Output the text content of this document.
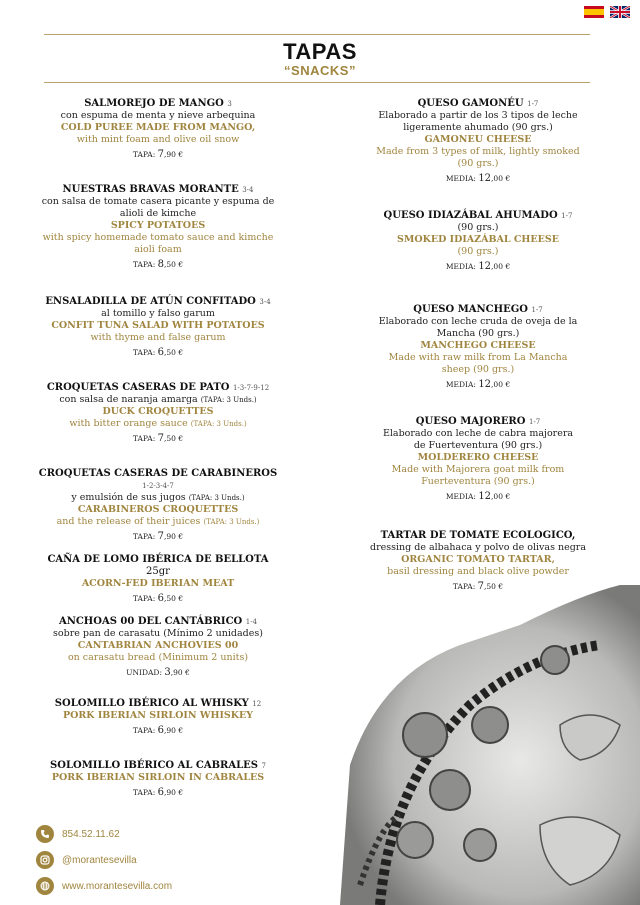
TAPAS
“SNACKS”
SALMOREJO DE MANGO 3
con espuma de menta y nieve arbequina
COLD PUREE MADE FROM MANGO,
with mint foam and olive oil snow
TAPA: 7,90 €
NUESTRAS BRAVAS MORANTE 3-4
con salsa de tomate casera picante y espuma de alioli de kimche
SPICY POTATOES
with spicy homemade tomato sauce and kimche aioli foam
TAPA: 8,50 €
ENSALADILLA DE ATÚN CONFITADO 3-4
al tomillo y falso garum
CONFIT TUNA SALAD WITH POTATOES
with thyme and false garum
TAPA: 6,50 €
CROQUETAS CASERAS DE PATO 1-3-7-9-12
con salsa de naranja amarga (TAPA: 3 Unds.)
DUCK CROQUETTES
with bitter orange sauce (TAPA: 3 Unds.)
TAPA: 7,50 €
CROQUETAS CASERAS DE CARABINEROS 1-2-3-4-7
y emulsión de sus jugos (TAPA: 3 Unds.)
CARABINEROS CROQUETTES
and the release of their juices (TAPA: 3 Unds.)
TAPA: 7,90 €
CAÑA DE LOMO IBÉRICA DE BELLOTA 25gr
ACORN-FED IBERIAN MEAT
TAPA: 6,50 €
ANCHOAS 00 DEL CANTÁBRICO 1-4
sobre pan de carasatu (Mínimo 2 unidades)
CANTABRIAN ANCHOVIES 00
on carasatu bread (Minimum 2 units)
UNIDAD: 3,90 €
SOLOMILLO IBÉRICO AL WHISKY 12
PORK IBERIAN SIRLOIN WHISKEY
TAPA: 6,90 €
SOLOMILLO IBÉRICO AL CABRALES 7
PORK IBERIAN SIRLOIN IN CABRALES
TAPA: 6,90 €
QUESO GAMONÉU 1-7
Elaborado a partir de los 3 tipos de leche ligeramente ahumado (90 grs.)
GAMONEU CHEESE
Made from 3 types of milk, lightly smoked (90 grs.)
MEDIA: 12,00 €
QUESO IDIAZÁBAL AHUMADO 1-7
(90 grs.)
SMOKED IDIAZÁBAL CHEESE
(90 grs.)
MEDIA: 12,00 €
QUESO MANCHEGO 1-7
Elaborado con leche cruda de oveja de la Mancha (90 grs.)
MANCHEGO CHEESE
Made with raw milk from La Mancha sheep (90 grs.)
MEDIA: 12,00 €
QUESO MAJORERO 1-7
Elaborado con leche de cabra majorera de Fuerteventura (90 grs.)
MOLDERERO CHEESE
Made with Majorera goat milk from Fuerteventura (90 grs.)
MEDIA: 12,00 €
TARTAR DE TOMATE ECOLOGICO,
dressing de albahaca y polvo de olivas negra
ORGANIC TOMATO TARTAR,
basil dressing and black olive powder
TAPA: 7,50 €
854.52.11.62
@morantesevilla
www.morantesevilla.com
